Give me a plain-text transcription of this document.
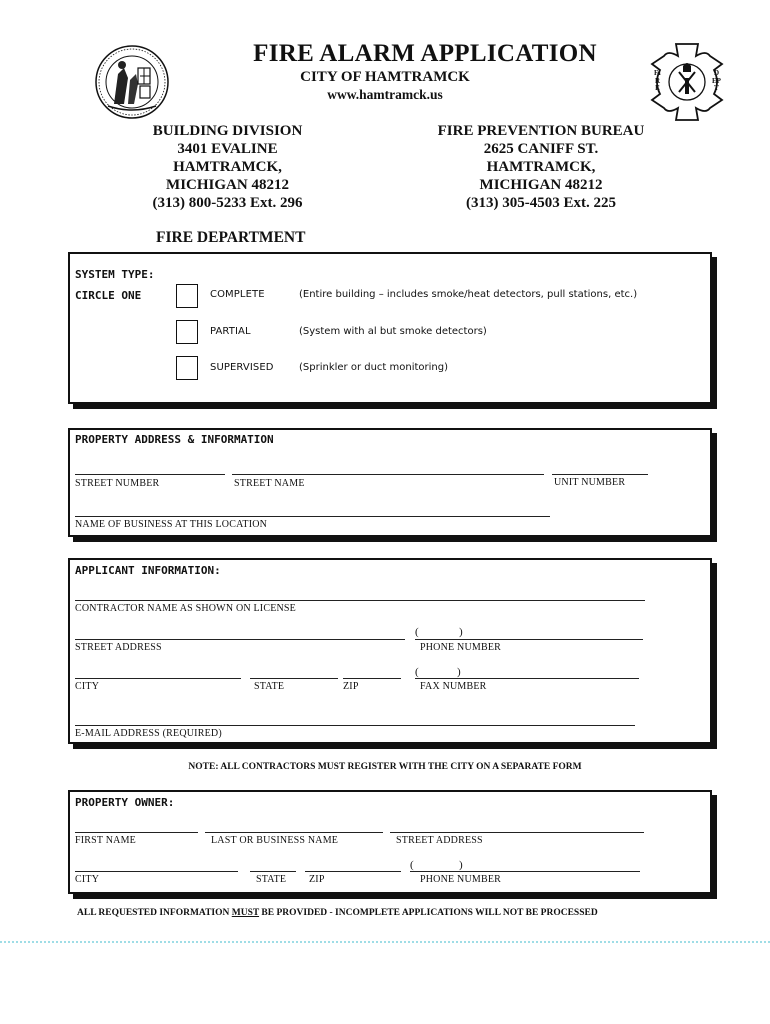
FIRE
DEPT
FIRE ALARM APPLICATION
CITY OF HAMTRAMCK
www.hamtramck.us
BUILDING DIVISION
3401 EVALINE
HAMTRAMCK,
MICHIGAN 48212
(313) 800-5233 Ext. 296
FIRE PREVENTION BUREAU
2625 CANIFF ST.
HAMTRAMCK,
MICHIGAN 48212
(313) 305-4503 Ext. 225
FIRE DEPARTMENT
SYSTEM TYPE:
CIRCLE ONE	COMPLETE	(Entire building – includes smoke/heat detectors, pull stations, etc.)
PARTIAL	(System with al but smoke detectors)
SUPERVISED	(Sprinkler or duct monitoring)
PROPERTY ADDRESS & INFORMATION
STREET NUMBER	STREET NAME	UNIT NUMBER
NAME OF BUSINESS AT THIS LOCATION
APPLICANT INFORMATION:
CONTRACTOR NAME AS SHOWN ON LICENSE
(	)
STREET ADDRESS	PHONE NUMBER
(	)
CITY	STATE	ZIP	FAX NUMBER
E-MAIL ADDRESS (REQUIRED)
NOTE: ALL CONTRACTORS MUST REGISTER WITH THE CITY ON A SEPARATE FORM
PROPERTY OWNER:
FIRST NAME	LAST OR BUSINESS NAME	STREET ADDRESS
(	)
CITY	STATE ZIP	PHONE NUMBER
ALL REQUESTED INFORMATION MUST BE PROVIDED - INCOMPLETE APPLICATIONS WILL NOT BE PROCESSED
